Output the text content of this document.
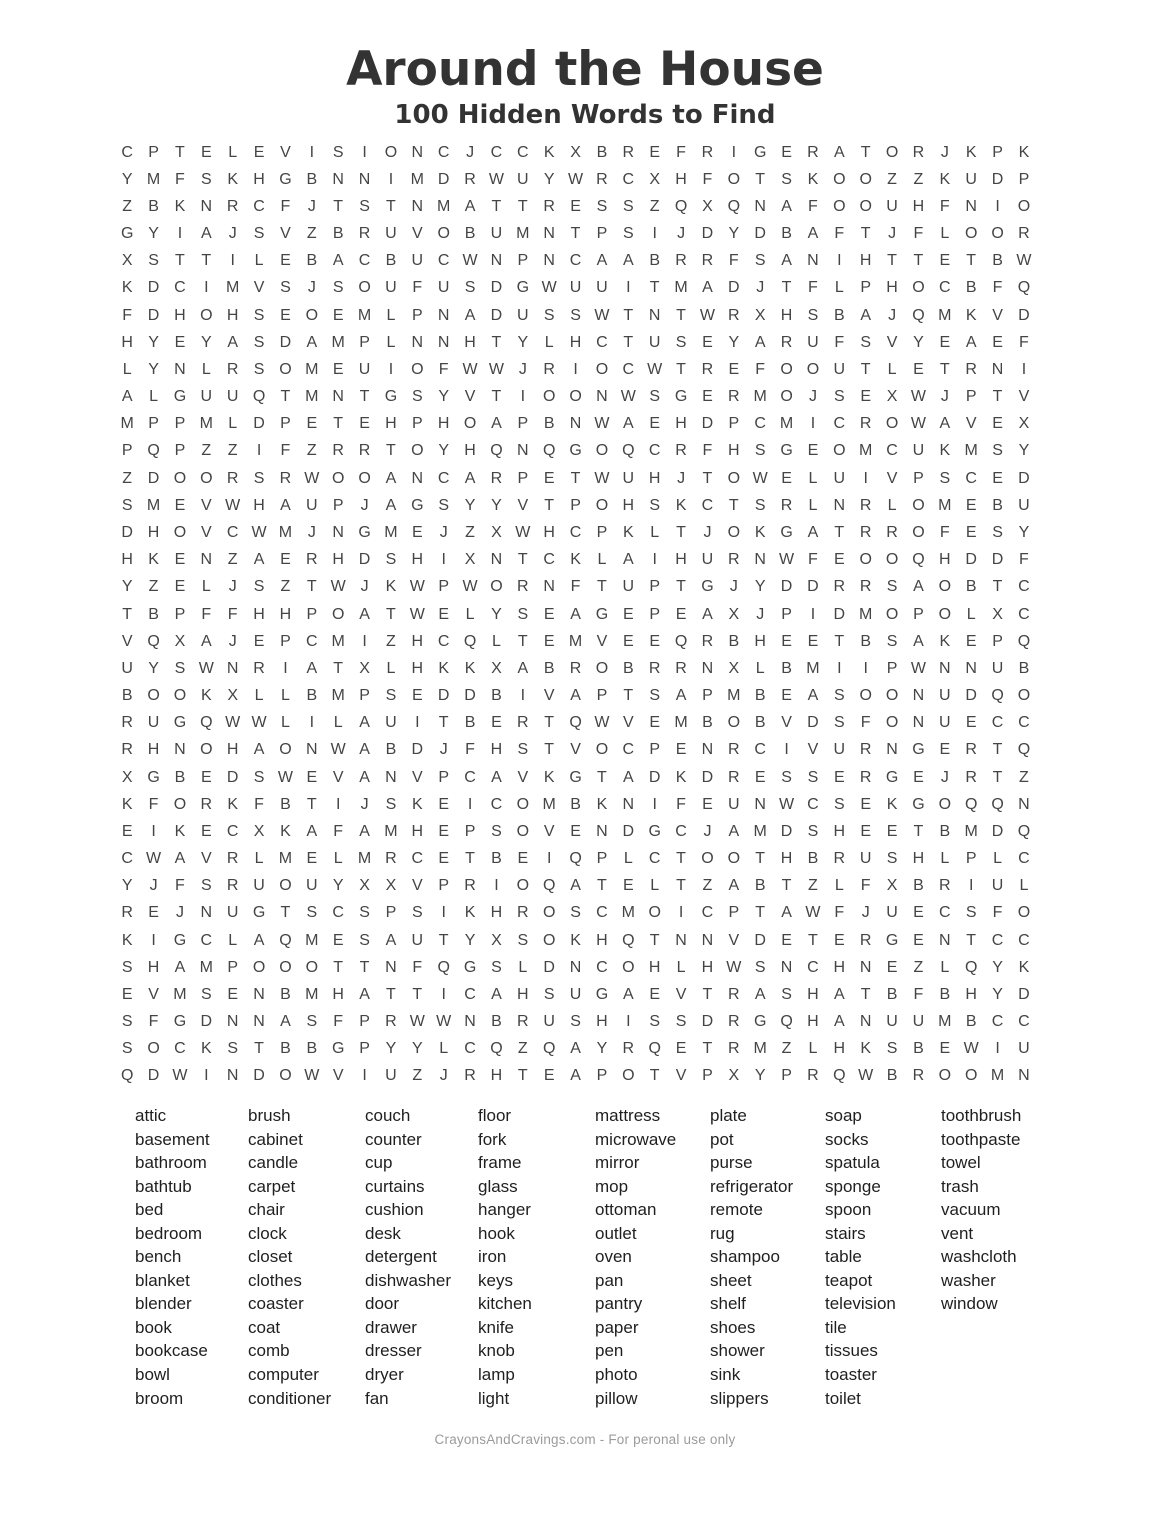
Around the House
100 Hidden Words to Find
C P	T	E	L	E V	I	S	I	O N C	J	C C K X B R E	F R	I	G E R A	T O R	J	K P K
Y M F	S K H G B N N	I	M D R W U Y W R C X H F O T	S K O O Z	Z	K U D P
Z	B K N R C F	J	T	S	T N M A	T	T R E S S	Z Q X Q N A	F O O U H F N	I	O
G Y	I	A	J	S V	Z	B R U V O B U M N T	P S	I	J	D Y D B A	F	T	J	F	L O O R
X S	T	T	I	L	E B A C B U C W N P N C A A B R R F	S A N	I	H T	T	E	T	B W
K D C	I	M V S	J	S O U F U S D G W U U	I	T M A D	J	T	F	L	P H O C B	F Q
F D H O H S E O E M L	P N A D U S S W T N T W R X H S B A	J	Q M K V D
H Y E Y A S D A M P	L	N N H T	Y	L	H C T U S E Y A R U F	S V Y E A E	F
L	Y N	L	R S O M E U	I	O F W W J	R	I	O C W T R E	F O O U T	L	E	T R N	I
A	L G U U Q T M N T G S Y V	T	I	O O N W S G E R M O	J	S E X W J	P	T	V
M P P M L	D P E	T	E H P H O A P B N W A E H D P C M	I	C R O W A V E X
P Q P	Z	Z	I	F	Z R R T O Y H Q N Q G O Q C R F H S G E O M C U K M S Y
Z D O O R S R W O O A N C A R P E	T W U H	J	T O W E	L	U	I	V P S C E D
S M E V W H A U P	J	A G S Y Y V	T	P O H S K C T	S R	L	N R	L O M E B U
D H O V C W M J	N G M E	J	Z	X W H C P K	L	T	J	O K G A	T R R O F	E S Y
H K E N Z	A E R H D S H	I	X N T C K	L	A	I	H U R N W F	E O O Q H D D F
Y	Z	E	L	J	S	Z	T W J	K W P W O R N F	T U P	T G	J	Y D D R R S A O B	T C
T	B P	F	F H H P O A	T W E	L	Y S E A G E P E A X	J	P	I	D M O P O L	X C
V Q X A	J	E P C M	I	Z H C Q L	T	E M V E E Q R B H E E	T	B S A K E P Q
U Y S W N R	I	A	T	X	L	H K K X A B R O B R R N X	L	B M	I	I	P W N N U B
B O O K X	L	L	B M P S E D D B	I	V A P	T	S A P M B E A S O O N U D Q O
R U G Q W W L	I	L	A U	I	T	B E R T Q W V E M B O B V D S	F O N U E C C
R H N O H A O N W A B D	J	F H S	T	V O C P E N R C	I	V U R N G E R T Q
X G B E D S W E V A N V P C A V K G T	A D K D R E S S E R G E	J	R T	Z
K	F O R K	F	B	T	I	J	S K E	I	C O M B K N	I	F	E U N W C S E K G O Q Q N
E	I	K E C X K A	F	A M H E P S O V E N D G C	J	A M D S H E E	T	B M D Q
C W A V R	L M E	L M R C E	T	B E	I	Q P	L	C T O O T H B R U S H	L	P	L	C
Y	J	F	S R U O U Y X X V P R	I	O Q A	T	E	L	T	Z	A B	T	Z	L	F	X B R	I	U	L
R E	J	N U G T	S C S P S	I	K H R O S C M O	I	C P	T	A W F	J	U E C S	F O
K	I	G C	L	A Q M E S A U T	Y X S O K H Q T N N V D E	T	E R G E N T C C
S H A M P O O O T	T N F Q G S	L	D N C O H	L	H W S N C H N E	Z	L Q Y K
E V M S E N B M H A	T	T	I	C A H S U G A E V	T R A S H A	T	B	F	B H Y D
S	F G D N N A S	F	P R W W N B R U S H	I	S S D R G Q H A N U U M B C C
S O C K S	T	B B G P Y Y	L	C Q Z Q A Y R Q E	T R M Z	L	H K S B E W	I	U
Q D W	I	N D O W V	I	U Z	J	R H T	E A P O T	V P X Y P R Q W B R O O M N
attic
basement
bathroom
bathtub
bed
bedroom
bench
blanket
blender
book
bookcase
bowl
broom
brush
cabinet
candle
carpet
chair
clock
closet
clothes
coaster
coat
comb
computer
conditioner
couch
counter
cup
curtains
cushion
desk
detergent
dishwasher
door
drawer
dresser
dryer
fan
floor
fork
frame
glass
hanger
hook
iron
keys
kitchen
knife
knob
lamp
light
mattress
microwave
mirror
mop
ottoman
outlet
oven
pan
pantry
paper
pen
photo
pillow
plate
pot
purse
refrigerator
remote
rug
shampoo
sheet
shelf
shoes
shower
sink
slippers
soap
socks
spatula
sponge
spoon
stairs
table
teapot
television
tile
tissues
toaster
toilet
toothbrush
toothpaste
towel
trash
vacuum
vent
washcloth
washer
window
CrayonsAndCravings.com - For peronal use only
